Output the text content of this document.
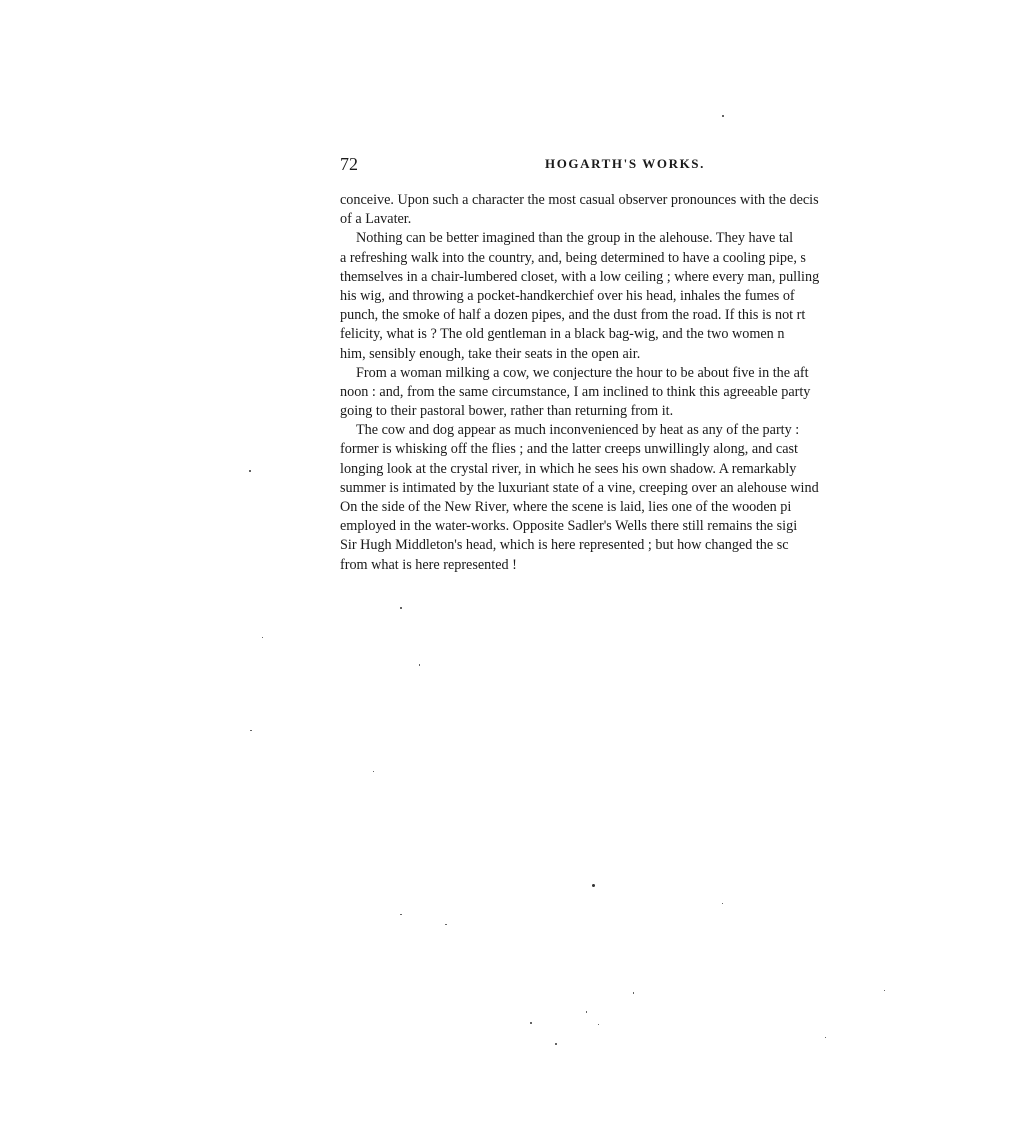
72	HOGARTH'S WORKS.
conceive. Upon such a character the most casual observer pronounces with the decis
of a Lavater.
Nothing can be better imagined than the group in the alehouse. They have tal
a refreshing walk into the country, and, being determined to have a cooling pipe, s
themselves in a chair-lumbered closet, with a low ceiling ; where every man, pulling
his wig, and throwing a pocket-handkerchief over his head, inhales the fumes of
punch, the smoke of half a dozen pipes, and the dust from the road. If this is not rt
felicity, what is ? The old gentleman in a black bag-wig, and the two women n
him, sensibly enough, take their seats in the open air.
From a woman milking a cow, we conjecture the hour to be about five in the aft
noon : and, from the same circumstance, I am inclined to think this agreeable party
going to their pastoral bower, rather than returning from it.
The cow and dog appear as much inconvenienced by heat as any of the party :
former is whisking off the flies ; and the latter creeps unwillingly along, and cast
longing look at the crystal river, in which he sees his own shadow. A remarkably
summer is intimated by the luxuriant state of a vine, creeping over an alehouse wind
On the side of the New River, where the scene is laid, lies one of the wooden pi
employed in the water-works. Opposite Sadler's Wells there still remains the sigi
Sir Hugh Middleton's head, which is here represented ; but how changed the sc
from what is here represented !
